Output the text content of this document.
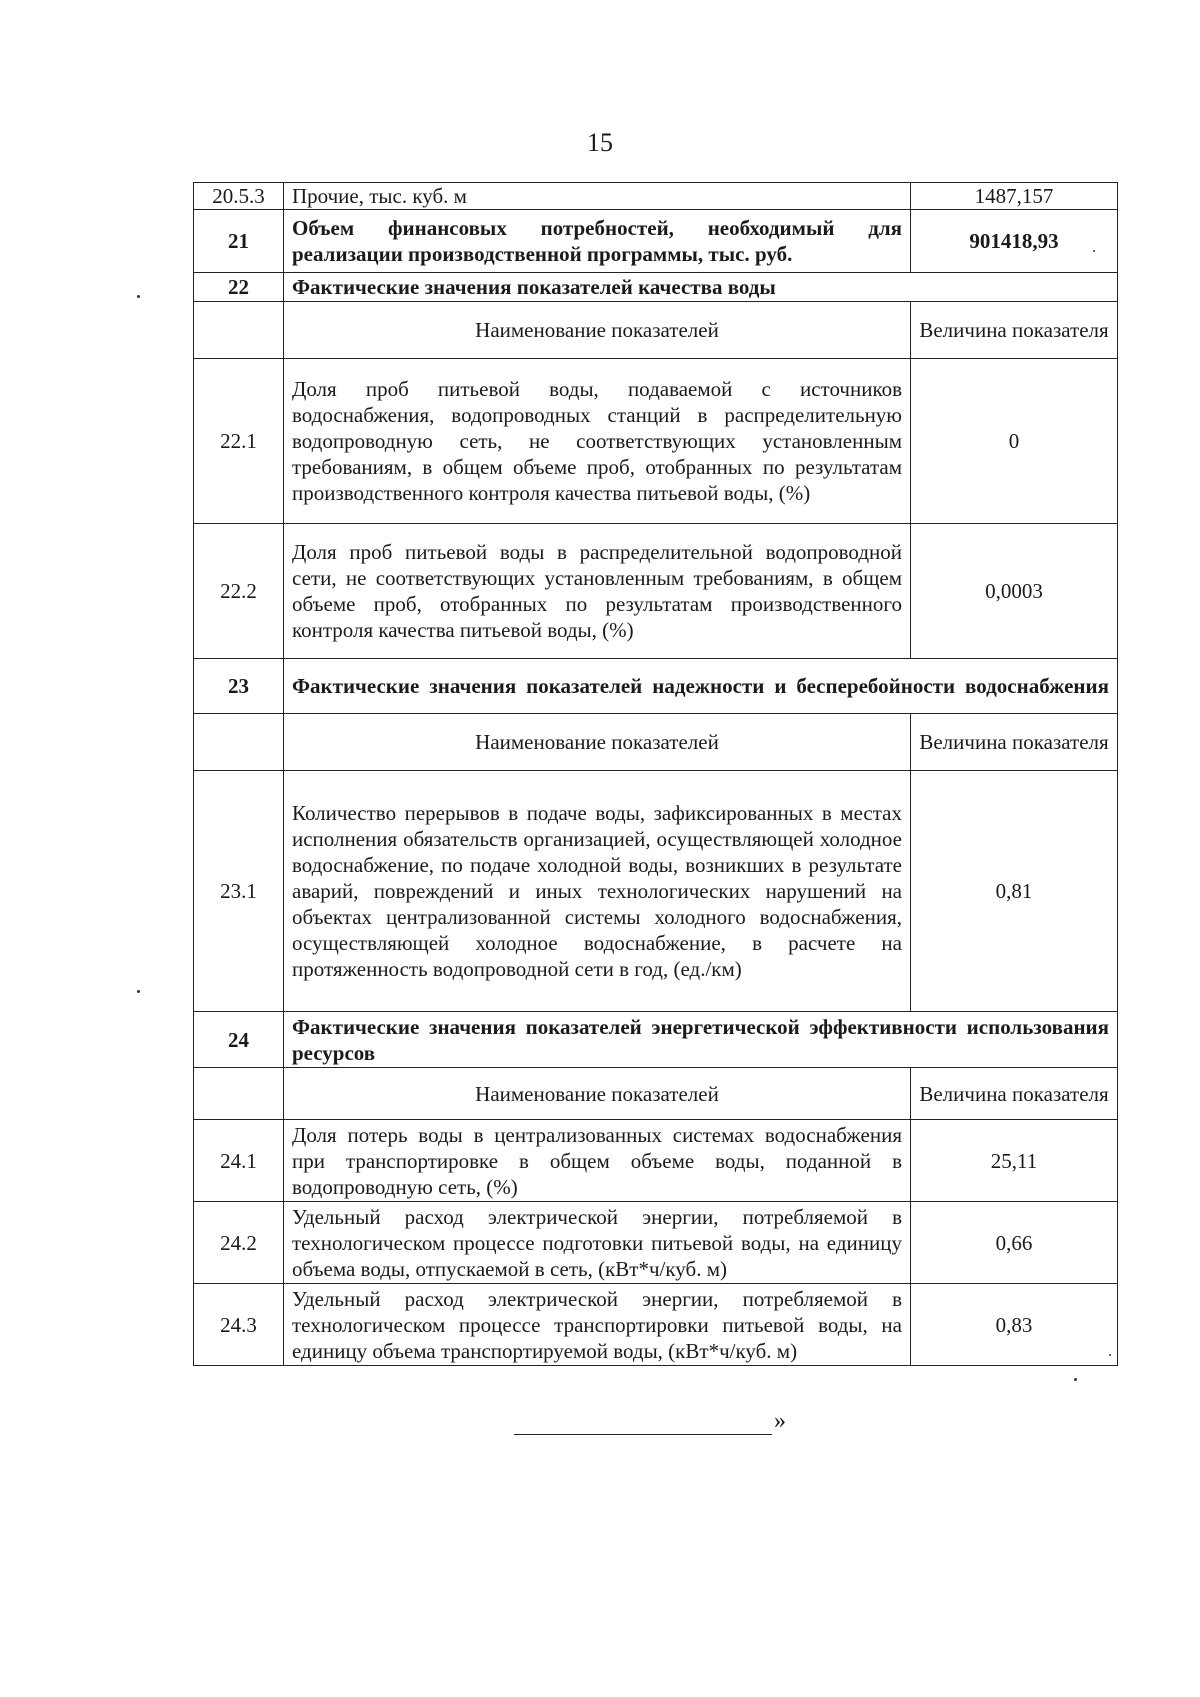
15
20.5.3	Прочие, тыс. куб. м	1487,157
21	Объем финансовых потребностей, необходимый для реализации производственной программы, тыс. руб.	901418,93
22	Фактические значения показателей качества воды	
	Наименование показателей	Величина показателя
22.1	Доля проб питьевой воды, подаваемой с источников водоснабжения, водопроводных станций в распределительную водопроводную сеть, не соответствующих установленным требованиям, в общем объеме проб, отобранных по результатам производственного контроля качества питьевой воды, (%)	0
22.2	Доля проб питьевой воды в распределительной водопроводной сети, не соответствующих установленным требованиям, в общем объеме проб, отобранных по результатам производственного контроля качества питьевой воды, (%)	0,0003
23	Фактические значения показателей надежности и бесперебойности водоснабжения	
	Наименование показателей	Величина показателя
23.1	Количество перерывов в подаче воды, зафиксированных в местах исполнения обязательств организацией, осуществляющей холодное водоснабжение, по подаче холодной воды, возникших в результате аварий, повреждений и иных технологических нарушений на объектах централизованной системы холодного водоснабжения, осуществляющей холодное водоснабжение, в расчете на протяженность водопроводной сети в год, (ед./км)	0,81
24	Фактические значения показателей энергетической эффективности использования ресурсов	
	Наименование показателей	Величина показателя
24.1	Доля потерь воды в централизованных системах водоснабжения при транспортировке в общем объеме воды, поданной в водопроводную сеть, (%)	25,11
24.2	Удельный расход электрической энергии, потребляемой в технологическом процессе подготовки питьевой воды, на единицу объема воды, отпускаемой в сеть, (кВт*ч/куб. м)	0,66
24.3	Удельный расход электрической энергии, потребляемой в технологическом процессе транспортировки питьевой воды, на единицу объема транспортируемой воды, (кВт*ч/куб. м)	0,83
»
